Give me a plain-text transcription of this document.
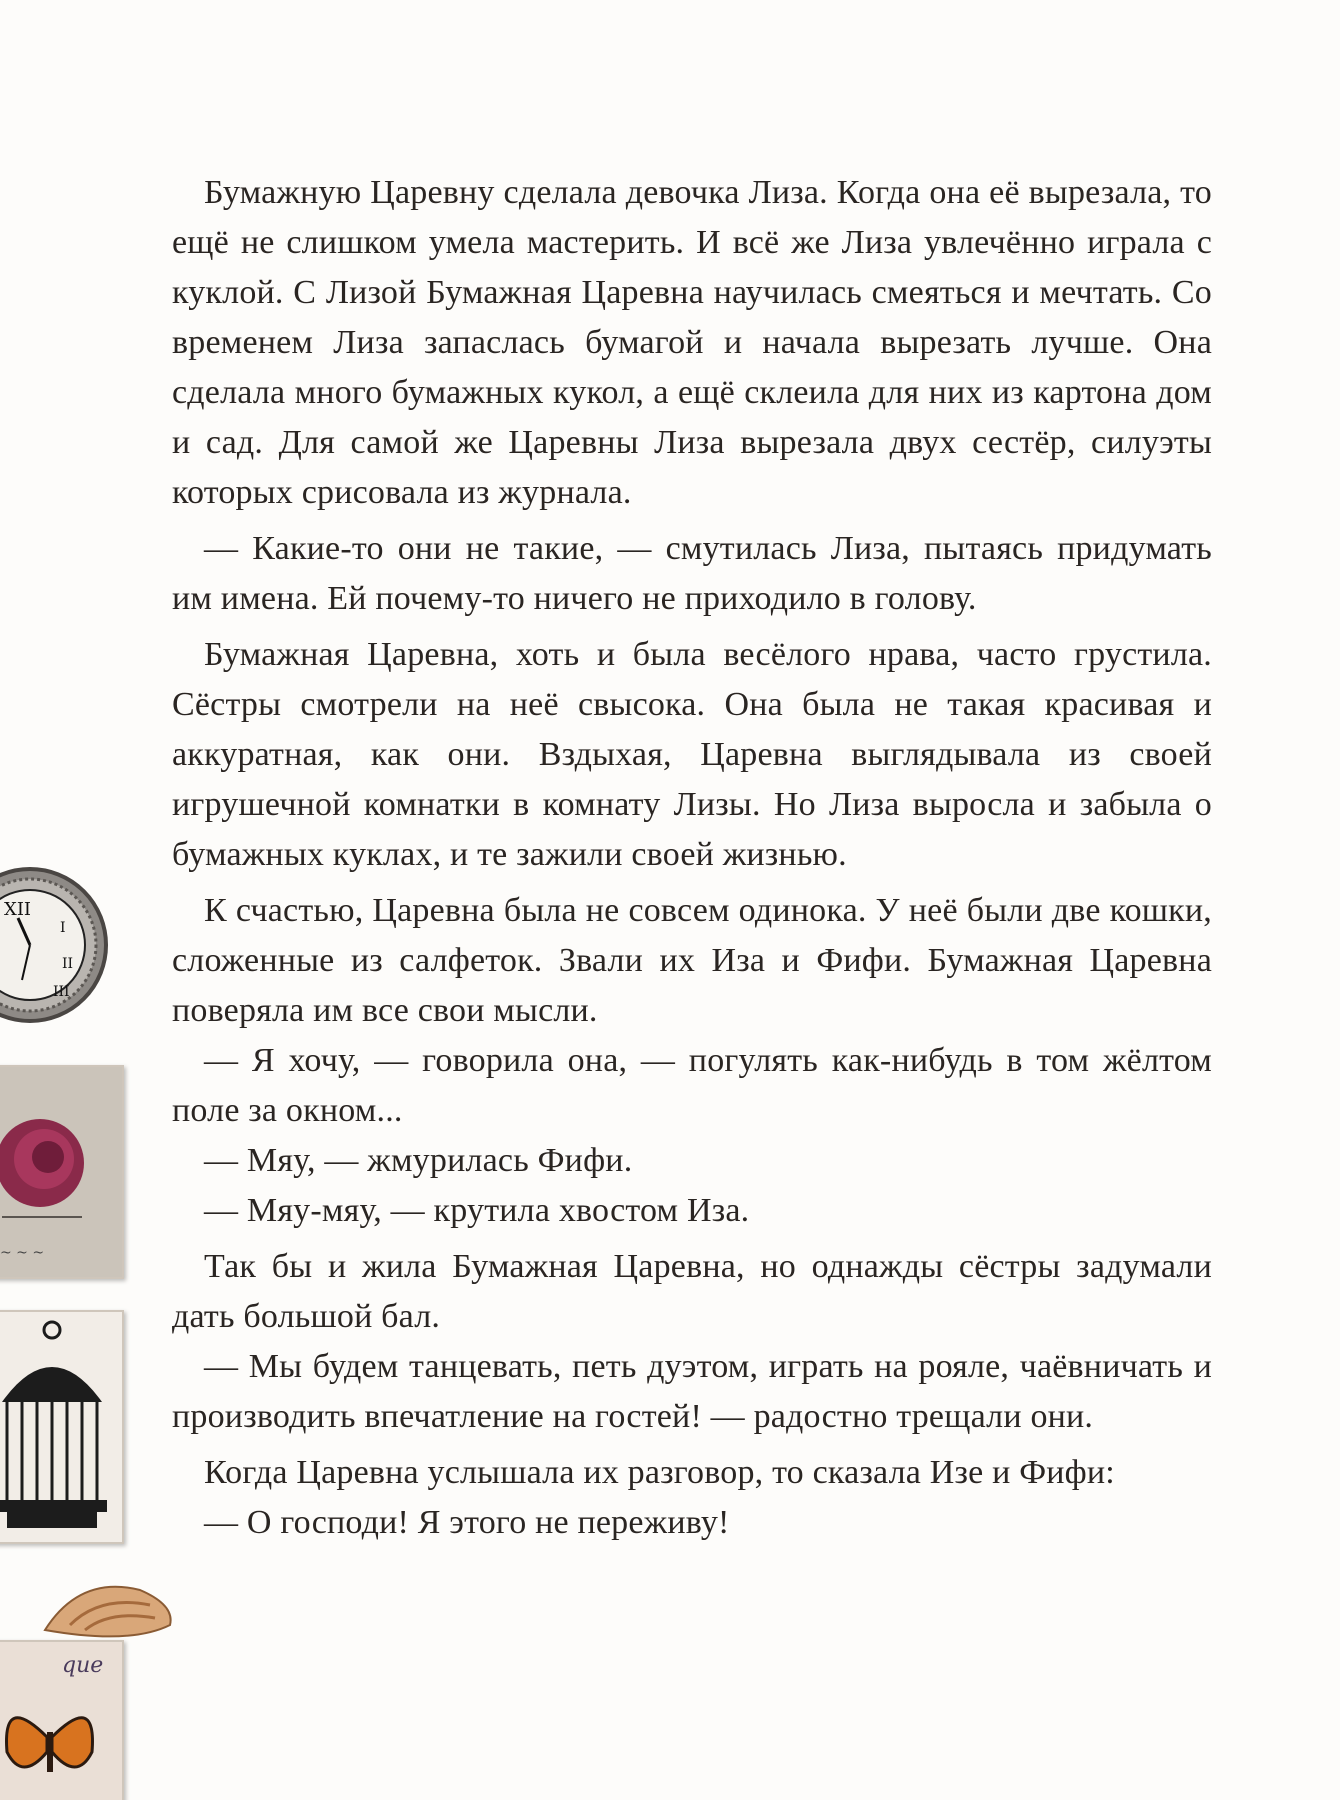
Бумажную Царевну сделала девочка Лиза. Когда она её вырезала, то ещё не слишком умела мастерить. И всё же Лиза увлечённо играла с куклой. С Лизой Бумажная Царевна научилась смеяться и мечтать. Со временем Лиза запаслась бумагой и начала вырезать лучше. Она сделала много бумажных кукол, а ещё склеила для них из картона дом и сад. Для самой же Царевны Лиза вырезала двух сестёр, силуэты которых срисовала из журнала.

— Какие-то они не такие, — смутилась Лиза, пытаясь придумать им имена. Ей почему-то ничего не приходило в голову.

Бумажная Царевна, хоть и была весёлого нрава, часто грустила. Сёстры смотрели на неё свысока. Она была не такая красивая и аккуратная, как они. Вздыхая, Царевна выглядывала из своей игрушечной комнатки в комнату Лизы. Но Лиза выросла и забыла о бумажных куклах, и те зажили своей жизнью.

К счастью, Царевна была не совсем одинока. У неё были две кошки, сложенные из салфеток. Звали их Иза и Фифи. Бумажная Царевна поверяла им все свои мысли.

— Я хочу, — говорила она, — погулять как-нибудь в том жёлтом поле за окном...

— Мяу, — жмурилась Фифи.

— Мяу-мяу, — крутила хвостом Иза.

Так бы и жила Бумажная Царевна, но однажды сёстры задумали дать большой бал.

— Мы будем танцевать, петь дуэтом, играть на рояле, чаёвничать и производить впечатление на гостей! — радостно трещали они.

Когда Царевна услышала их разговор, то сказала Изе и Фифи:

— О господи! Я этого не переживу!

XII
I
II
III
~ ~ ~
que
